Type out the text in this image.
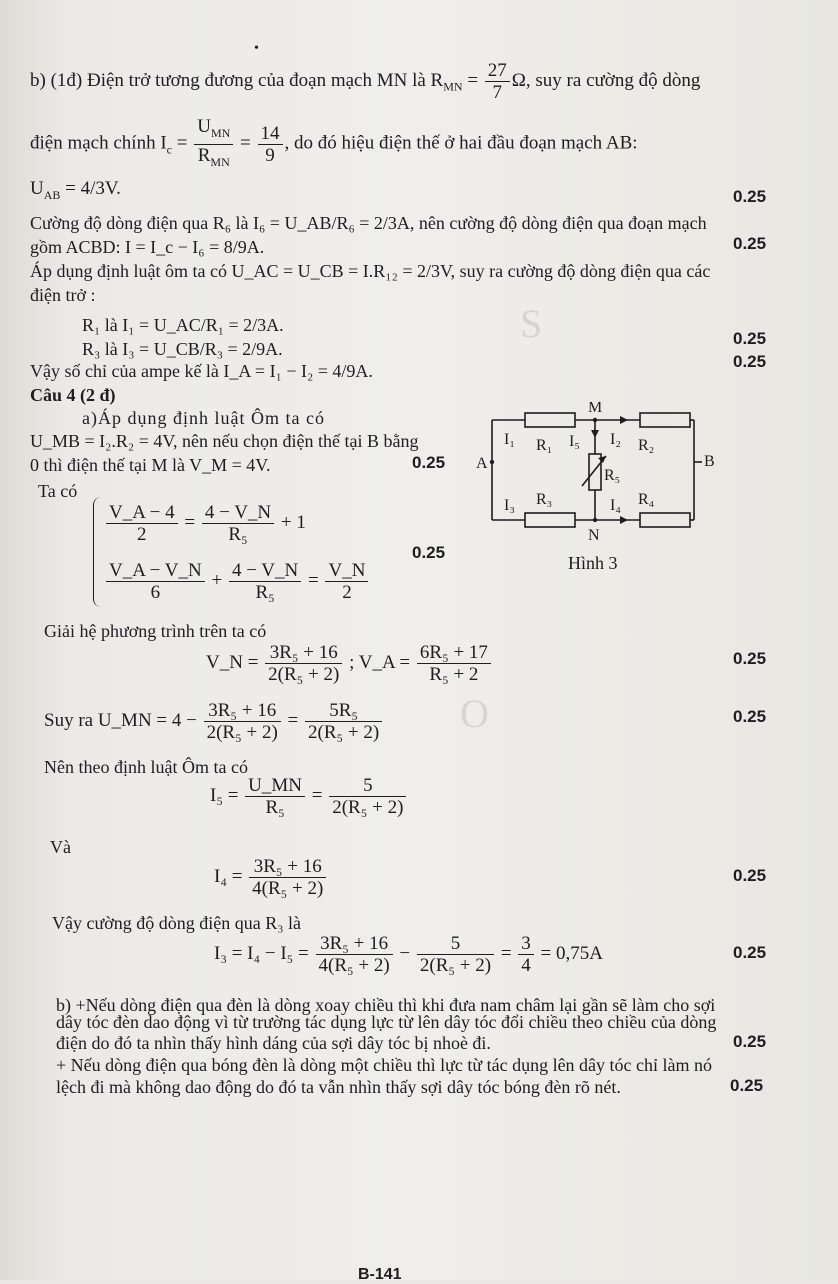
S
O
•
b) (1đ) Điện trở tương đương của đoạn mạch MN là $R_{MN} = \frac{27}{7} \Omega$, suy ra cường độ dòng
điện mạch chính $I_c = \frac{U_{MN}}{R_{MN}} = \frac{14}{9}$ , do đó hiệu điện thế ở hai đầu đoạn mạch AB:
$U_{AB} = 4/3V$.	0.25
Cường độ dòng điện qua R₆ là I₆ = U_AB/R₆ = 2/3A, nên cường độ dòng điện qua đoạn mạch
gồm ACBD: I = I_c − I₆ = 8/9A.	0.25
Áp dụng định luật ôm ta có U_AC = U_CB = I.R₁₂ = 2/3V, suy ra cường độ dòng điện qua các
điện trở :
R₁ là I₁ = U_AC/R₁ = 2/3A.
0.25
R₃ là I₃ = U_CB/R₃ = 2/9A.
0.25
Vậy số chỉ của ampe kế là I_A = I₁ − I₂ = 4/9A.
Câu 4 (2 đ)
a)Áp dụng định luật Ôm ta có
U_MB = I₂.R₂ = 4V, nên nếu chọn điện thế tại B bằng
0 thì điện thế tại M là V_M = 4V.	0.25
Ta có
$\frac{V\_A - 4}{2} = \frac{4 - V\_N}{\text{R₅}} + 1$
0.25
$\frac{V\_A - V\_N}{6} + \frac{4 - V\_N}{\text{R₅}} = \frac{V\_N}{2}$
M
N
A	B
I₁ R₁ I₅ I₂ R₂
R₅
I₃ R₃	I₄ R₄
Hình 3
Giải hệ phương trình trên ta có
V_N = $\frac{\text{3R₅ + 16}}{\text{2(R₅ + 2)}}$ ; V_A = $\frac{\text{6R₅ + 17}}{\text{R₅ + 2}}$	0.25
Suy ra U_MN = $4 - \frac{\text{3R₅ + 16}}{\text{2(R₅ + 2)}} = \frac{\text{5R₅}}{\text{2(R₅ + 2)}}$	0.25
Nên theo định luật Ôm ta có
$I_5 = \frac{U\_MN}{\text{R₅}} = \frac{5}{\text{2(R₅ + 2)}}$
Và
$I_4 = \frac{\text{3R₅ + 16}}{\text{4(R₅ + 2)}}$	0.25
Vậy cường độ dòng điện qua R₃ là
$I_3 = I_4 - I_5 = \frac{\text{3R₅ + 16}}{\text{4(R₅ + 2)}} - \frac{5}{\text{2(R₅ + 2)}} = \frac{3}{4} = 0,75A$	0.25
b) +Nếu dòng điện qua đèn là dòng xoay chiều thì khi đưa nam châm lại gần sẽ làm cho sợi
dây tóc đèn dao động vì từ trường tác dụng lực từ lên dây tóc đổi chiều theo chiều của dòng
điện do đó ta nhìn thấy hình dáng của sợi dây tóc bị nhoè đi.	0.25
+ Nếu dòng điện qua bóng đèn là dòng một chiều thì lực từ tác dụng lên dây tóc chỉ làm nó
lệch đi mà không dao động do đó ta vẫn nhìn thấy sợi dây tóc bóng đèn rõ nét.	0.25
B-141
